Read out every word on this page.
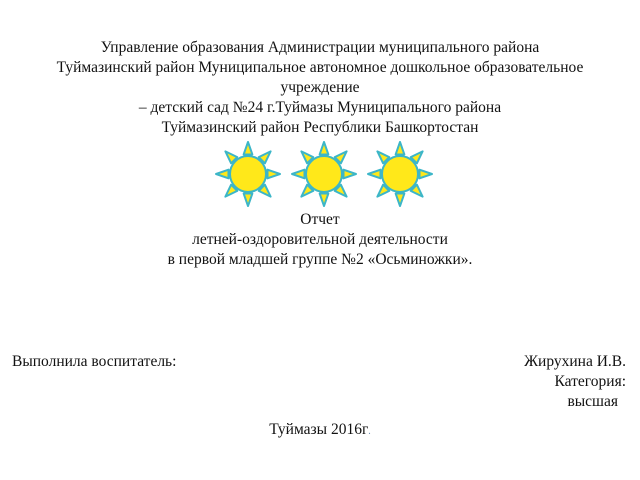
Управление образования Администрации муниципального района
Туймазинский район Муниципальное автономное дошкольное образовательное
учреждение
– детский сад №24 г.Туймазы Муниципального района
Туймазинский район Республики Башкортостан
Отчет
летней-оздоровительной деятельности
в первой младшей группе №2 «Осьминожки».
Выполнила воспитатель:	Жирухина И.В.
Категория:
высшая
Туймазы 2016г.
